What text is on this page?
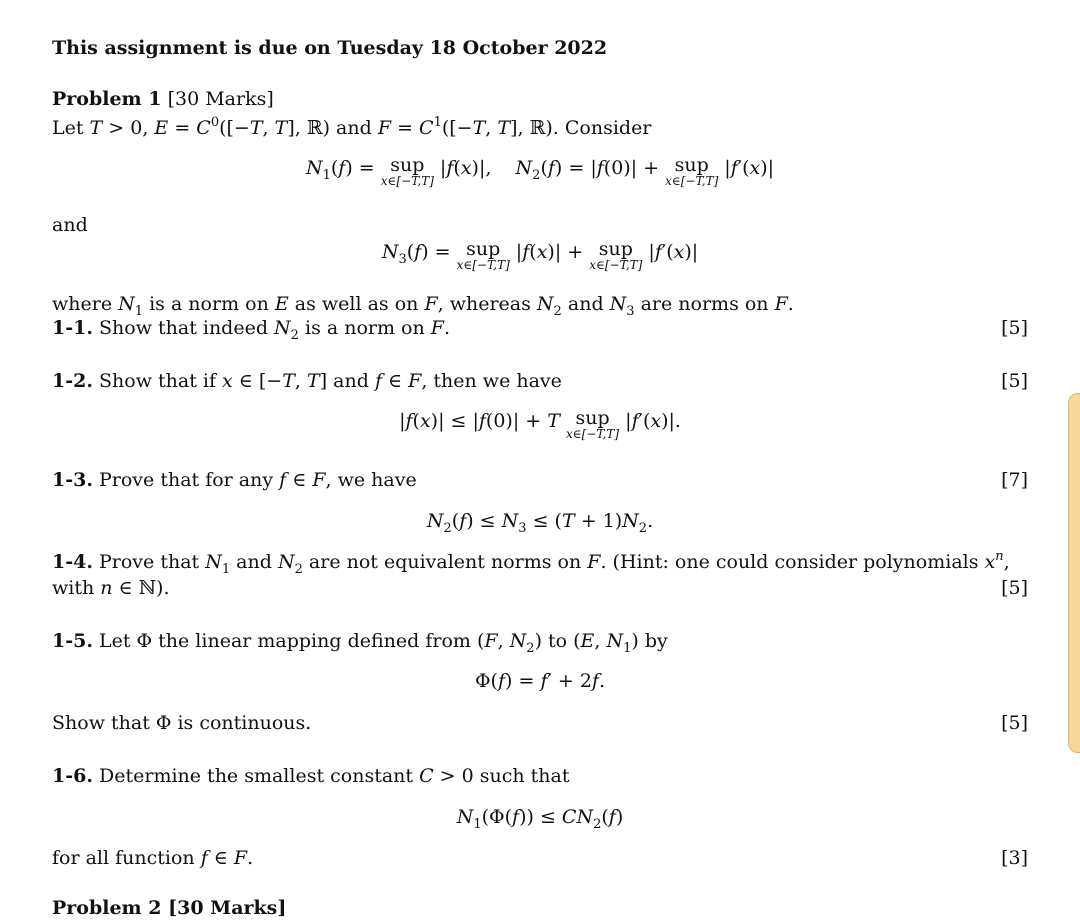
This assignment is due on Tuesday 18 October 2022
Problem 1 [30 Marks]
Let T > 0, $E = C^0([-T$, T], ℝ) and $F = C^1([-T$, T], ℝ). Consider
$N_1(f)$ = sup
x∈[−T,T]
|f(x)|,    $N_2(f) = |f(0)|$ + sup
x∈[−T,T]
|f′(x)|
and
$N_3(f)$ = sup
x∈[−T,T]
|f(x)| + sup
x∈[−T,T]
|f′(x)|
where $N_1$ is a norm on E as well as on F, whereas $N_2$ and $N_3$ are norms on F.
1-1. Show that indeed $N_2$ is a norm on F.	[5]
1-2. Show that if x ∈ [−T, T] and f ∈ F, then we have	[5]
|f(x)| ≤ |f(0)| + T sup
x∈[−T,T]
|f′(x)|.
1-3. Prove that for any f ∈ F, we have	[7]
$N_2(f) \le N_3 \le (T + 1)N_2$.
1-4. Prove that $N_1$ and $N_2$ are not equivalent norms on F. (Hint: one could consider polynomials $x^n$,
with n ∈ ℕ).	[5]
1-5. Let Φ the linear mapping defined from (F, $N_2$) to (E, $N_1$) by
Φ(f) = f′ + 2f.
Show that Φ is continuous.	[5]
1-6. Determine the smallest constant C > 0 such that
$N_1(\Phi(f)) \le CN_2(f)$
for all function f ∈ F.	[3]
Problem 2 [30 Marks]
